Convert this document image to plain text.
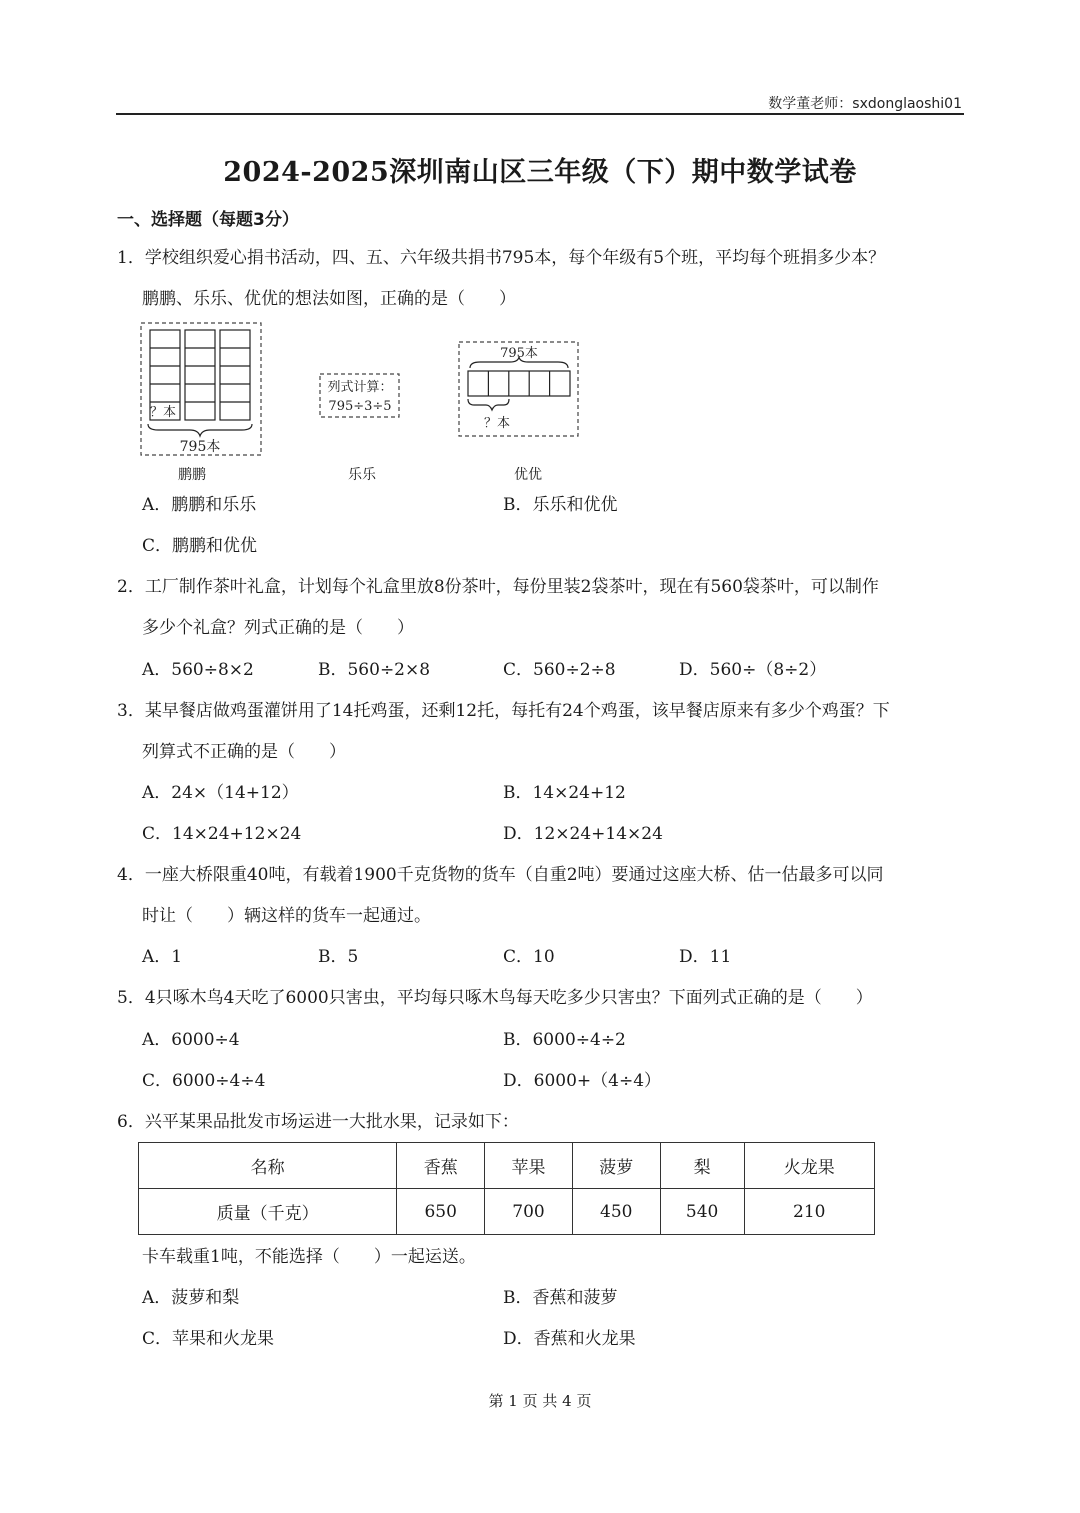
数学董老师：sxdonglaoshi01
2024-2025深圳南山区三年级（下）期中数学试卷
一、选择题（每题3分）
1．学校组织爱心捐书活动，四、五、六年级共捐书795本，每个年级有5个班，平均每个班捐多少本？
鹏鹏、乐乐、优优的想法如图，正确的是（　　）
？本
795本
鹏鹏
列式计算：
795÷3÷5
乐乐
795本
？本
优优
A．鹏鹏和乐乐	B．乐乐和优优
C．鹏鹏和优优
2．工厂制作茶叶礼盒，计划每个礼盒里放8份茶叶，每份里装2袋茶叶，现在有560袋茶叶，可以制作
多少个礼盒？列式正确的是（　　）
A．560÷8×2	B．560÷2×8	C．560÷2÷8	D．560÷（8÷2）
3．某早餐店做鸡蛋灌饼用了14托鸡蛋，还剩12托，每托有24个鸡蛋，该早餐店原来有多少个鸡蛋？下
列算式不正确的是（　　）
A．24×（14+12）	B．14×24+12
C．14×24+12×24	D．12×24+14×24
4．一座大桥限重40吨，有载着1900千克货物的货车（自重2吨）要通过这座大桥、估一估最多可以同
时让（　　）辆这样的货车一起通过。
A．1	B．5	C．10	D．11
5．4只啄木鸟4天吃了6000只害虫，平均每只啄木鸟每天吃多少只害虫？下面列式正确的是（　　）
A．6000÷4	B．6000÷4÷2
C．6000÷4÷4	D．6000+（4÷4）
6．兴平某果品批发市场运进一大批水果，记录如下：
名称	香蕉	苹果	菠萝	梨	火龙果
质量（千克）	650	700	450	540	210
卡车载重1吨，不能选择（　　）一起运送。
A．菠萝和梨	B．香蕉和菠萝
C．苹果和火龙果	D．香蕉和火龙果
第 1 页 共 4 页
